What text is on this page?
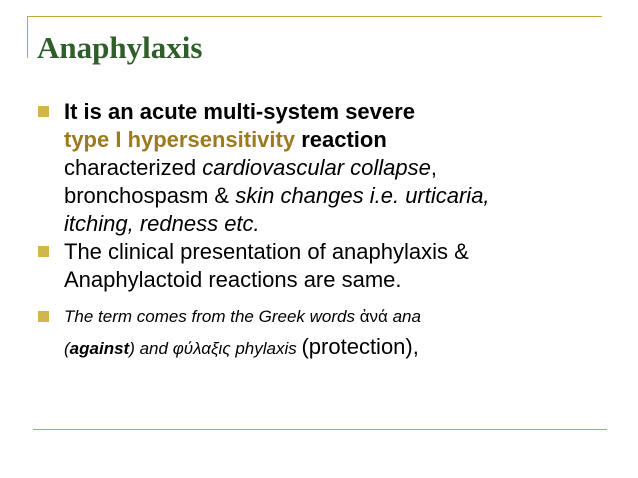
Anaphylaxis
It is an acute multi-system severe
type I hypersensitivity reaction
characterized cardiovascular collapse,
bronchospasm & skin changes i.e. urticaria,
itching, redness etc.
The clinical presentation of anaphylaxis &
Anaphylactoid reactions are same.
The term comes from the Greek words ἀνά ana
(against) and φύλαξις phylaxis (protection),
